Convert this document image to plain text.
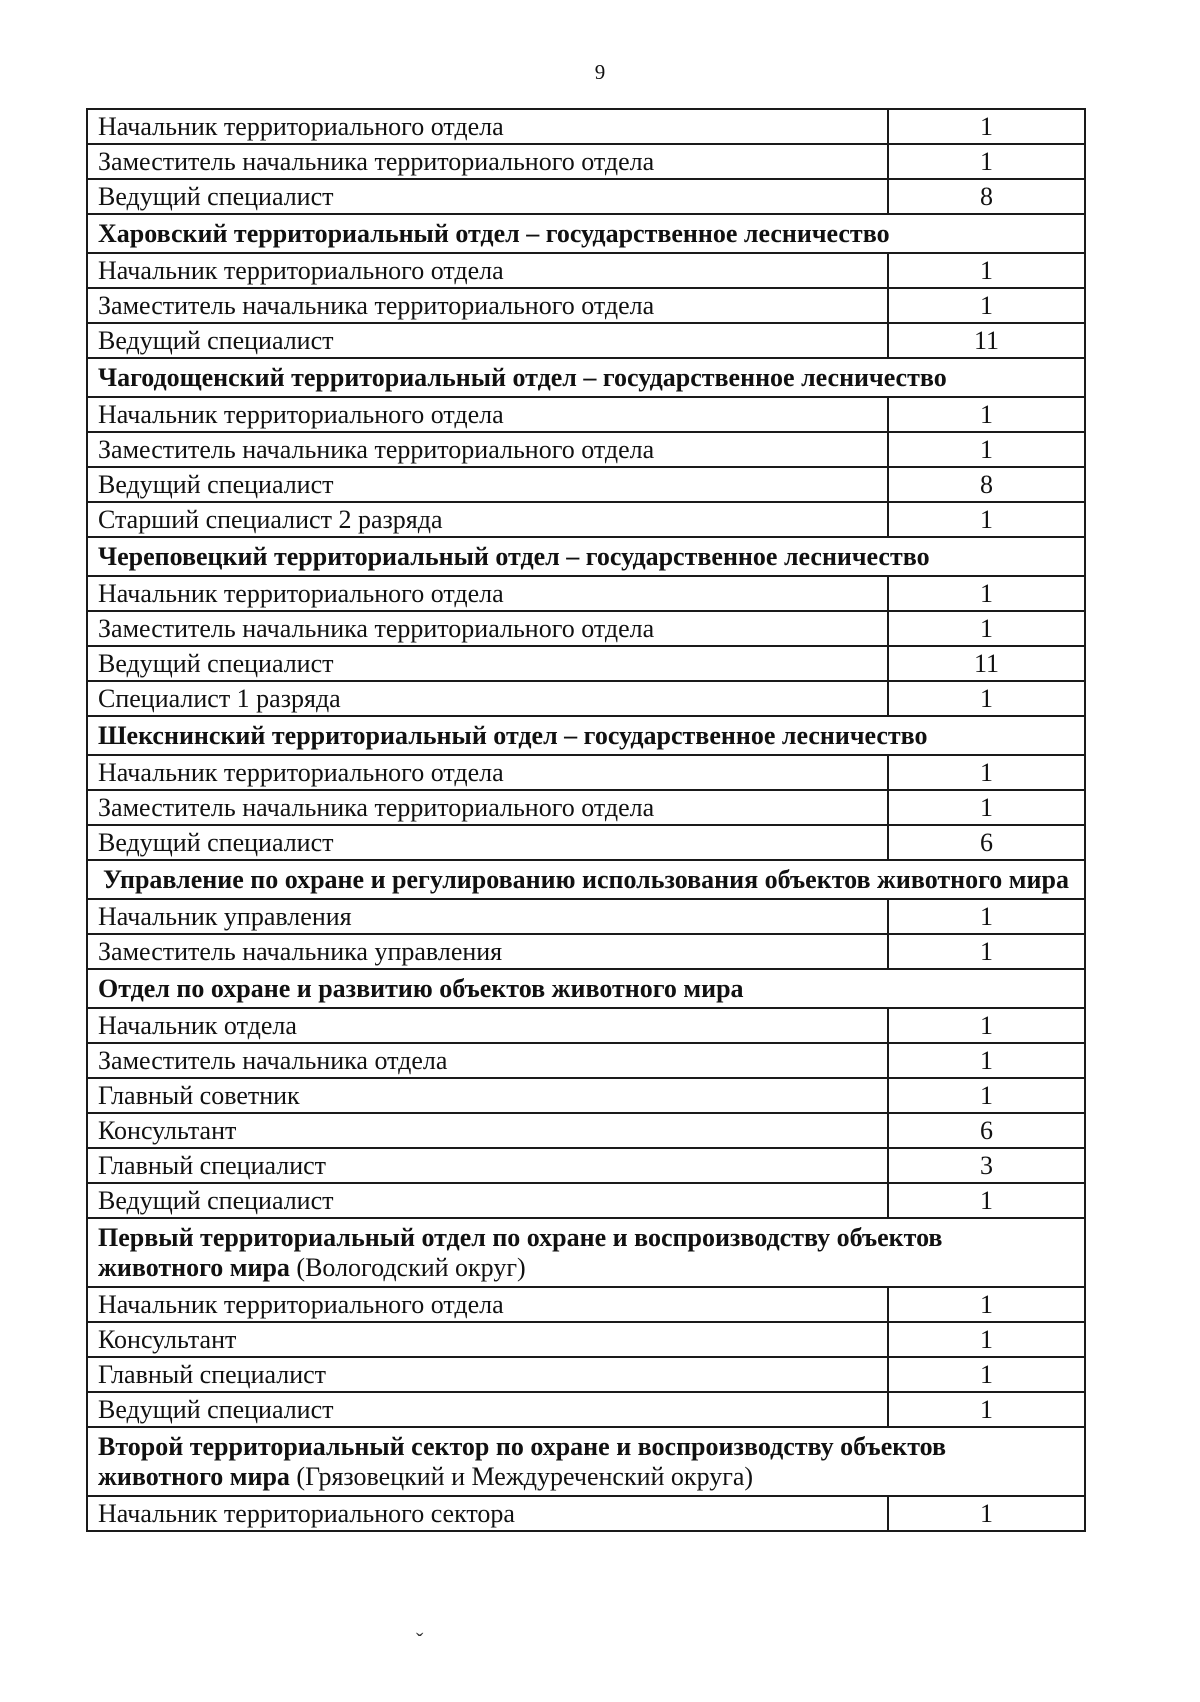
9
Начальник территориального отдела	1
Заместитель начальника территориального отдела	1
Ведущий специалист	8
Харовский территориальный отдел – государственное лесничество	
Начальник территориального отдела	1
Заместитель начальника территориального отдела	1
Ведущий специалист	11
Чагодощенский территориальный отдел – государственное лесничество	
Начальник территориального отдела	1
Заместитель начальника территориального отдела	1
Ведущий специалист	8
Старший специалист 2 разряда	1
Череповецкий территориальный отдел – государственное лесничество	
Начальник территориального отдела	1
Заместитель начальника территориального отдела	1
Ведущий специалист	11
Специалист 1 разряда	1
Шекснинский территориальный отдел – государственное лесничество	
Начальник территориального отдела	1
Заместитель начальника территориального отдела	1
Ведущий специалист	6
Управление по охране и регулированию использования объектов животного мира	
Начальник управления	1
Заместитель начальника управления	1
Отдел по охране и развитию объектов животного мира	
Начальник отдела	1
Заместитель начальника отдела	1
Главный советник	1
Консультант	6
Главный специалист	3
Ведущий специалист	1
Первый территориальный отдел по охране и воспроизводству объектов животного мира (Вологодский округ)	
Начальник территориального отдела	1
Консультант	1
Главный специалист	1
Ведущий специалист	1
Второй территориальный сектор по охране и воспроизводству объектов животного мира (Грязовецкий и Междуреченский округа)	
Начальник территориального сектора	1
ˇ
